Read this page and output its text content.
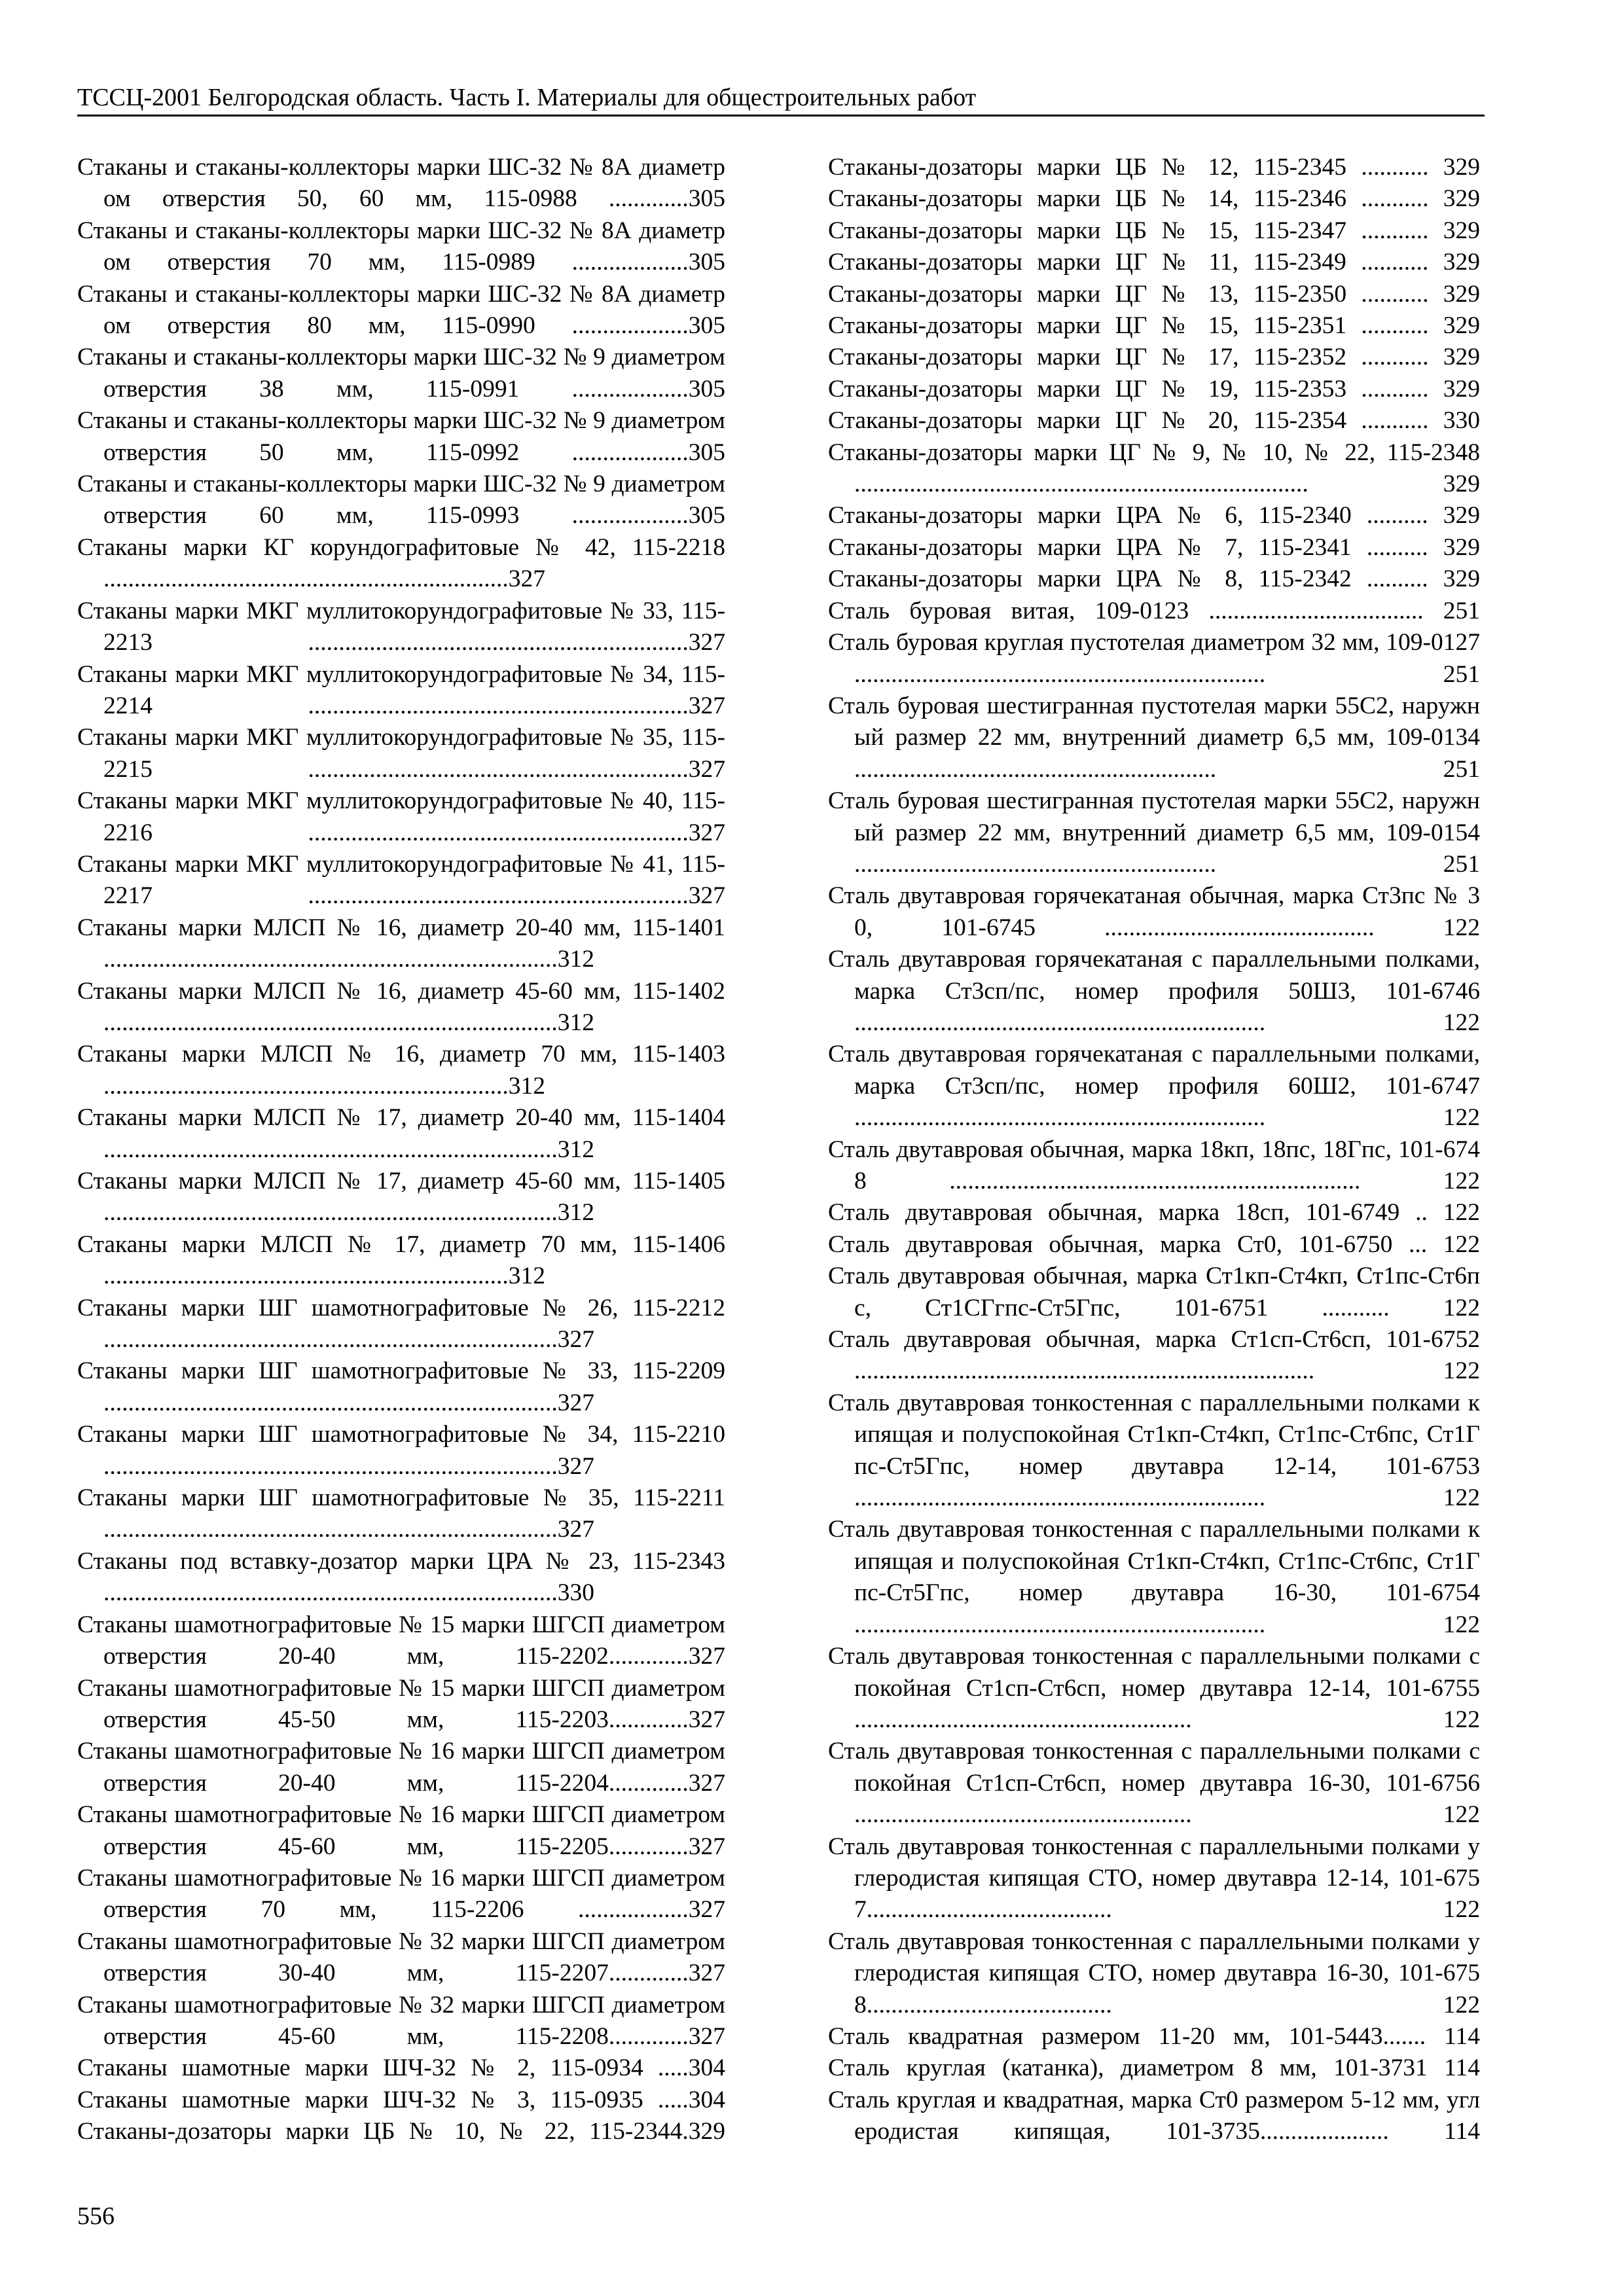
ТССЦ-2001 Белгородская область. Часть I. Материалы для общестроительных работ
Стаканы и стаканы-коллекторы марки ШС-32 № 8А диаметром отверстия 50, 60 мм, 115-0988 .............305
Стаканы и стаканы-коллекторы марки ШС-32 № 8А диаметром отверстия 70 мм, 115-0989 ...................305
Стаканы и стаканы-коллекторы марки ШС-32 № 8А диаметром отверстия 80 мм, 115-0990 ...................305
Стаканы и стаканы-коллекторы марки ШС-32 № 9 диаметром отверстия 38 мм, 115-0991 ...................305
Стаканы и стаканы-коллекторы марки ШС-32 № 9 диаметром отверстия 50 мм, 115-0992 ...................305
Стаканы и стаканы-коллекторы марки ШС-32 № 9 диаметром отверстия 60 мм, 115-0993 ...................305
Стаканы марки КГ корундографитовые № 42, 115-2218 ..................................................................327
Стаканы марки МКГ муллитокорундографитовые № 33, 115-2213 ..............................................................327
Стаканы марки МКГ муллитокорундографитовые № 34, 115-2214 ..............................................................327
Стаканы марки МКГ муллитокорундографитовые № 35, 115-2215 ..............................................................327
Стаканы марки МКГ муллитокорундографитовые № 40, 115-2216 ..............................................................327
Стаканы марки МКГ муллитокорундографитовые № 41, 115-2217 ..............................................................327
Стаканы марки МЛСП № 16, диаметр 20-40 мм, 115-1401 ..........................................................................312
Стаканы марки МЛСП № 16, диаметр 45-60 мм, 115-1402 ..........................................................................312
Стаканы марки МЛСП № 16, диаметр 70 мм, 115-1403 ..................................................................312
Стаканы марки МЛСП № 17, диаметр 20-40 мм, 115-1404 ..........................................................................312
Стаканы марки МЛСП № 17, диаметр 45-60 мм, 115-1405 ..........................................................................312
Стаканы марки МЛСП № 17, диаметр 70 мм, 115-1406 ..................................................................312
Стаканы марки ШГ шамотнографитовые № 26, 115-2212 ..........................................................................327
Стаканы марки ШГ шамотнографитовые № 33, 115-2209 ..........................................................................327
Стаканы марки ШГ шамотнографитовые № 34, 115-2210 ..........................................................................327
Стаканы марки ШГ шамотнографитовые № 35, 115-2211 ..........................................................................327
Стаканы под вставку-дозатор марки ЦРА № 23, 115-2343 ..........................................................................330
Стаканы шамотнографитовые № 15 марки ШГСП диаметром отверстия 20-40 мм, 115-2202.............327
Стаканы шамотнографитовые № 15 марки ШГСП диаметром отверстия 45-50 мм, 115-2203.............327
Стаканы шамотнографитовые № 16 марки ШГСП диаметром отверстия 20-40 мм, 115-2204.............327
Стаканы шамотнографитовые № 16 марки ШГСП диаметром отверстия 45-60 мм, 115-2205.............327
Стаканы шамотнографитовые № 16 марки ШГСП диаметром отверстия 70 мм, 115-2206 ..................327
Стаканы шамотнографитовые № 32 марки ШГСП диаметром отверстия 30-40 мм, 115-2207.............327
Стаканы шамотнографитовые № 32 марки ШГСП диаметром отверстия 45-60 мм, 115-2208.............327
Стаканы шамотные марки ШЧ-32 № 2, 115-0934 .....304
Стаканы шамотные марки ШЧ-32 № 3, 115-0935 .....304
Стаканы-дозаторы марки ЦБ № 10, № 22, 115-2344.329
Стаканы-дозаторы марки ЦБ № 12, 115-2345 ........... 329
Стаканы-дозаторы марки ЦБ № 14, 115-2346 ........... 329
Стаканы-дозаторы марки ЦБ № 15, 115-2347 ........... 329
Стаканы-дозаторы марки ЦГ № 11, 115-2349 ........... 329
Стаканы-дозаторы марки ЦГ № 13, 115-2350 ........... 329
Стаканы-дозаторы марки ЦГ № 15, 115-2351 ........... 329
Стаканы-дозаторы марки ЦГ № 17, 115-2352 ........... 329
Стаканы-дозаторы марки ЦГ № 19, 115-2353 ........... 329
Стаканы-дозаторы марки ЦГ № 20, 115-2354 ........... 330
Стаканы-дозаторы марки ЦГ № 9, № 10, № 22, 115-2348 .......................................................................... 329
Стаканы-дозаторы марки ЦРА № 6, 115-2340 .......... 329
Стаканы-дозаторы марки ЦРА № 7, 115-2341 .......... 329
Стаканы-дозаторы марки ЦРА № 8, 115-2342 .......... 329
Сталь буровая витая, 109-0123 ................................... 251
Сталь буровая круглая пустотелая диаметром 32 мм, 109-0127 ................................................................... 251
Сталь буровая шестигранная пустотелая марки 55С2, наружный размер 22 мм, внутренний диаметр 6,5 мм, 109-0134 ........................................................... 251
Сталь буровая шестигранная пустотелая марки 55С2, наружный размер 22 мм, внутренний диаметр 6,5 мм, 109-0154 ........................................................... 251
Сталь двутавровая горячекатаная обычная, марка Ст3пс № 30, 101-6745 ............................................ 122
Сталь двутавровая горячекатаная с параллельными полками, марка Ст3сп/пс, номер профиля 50Ш3, 101-6746 ................................................................... 122
Сталь двутавровая горячекатаная с параллельными полками, марка Ст3сп/пс, номер профиля 60Ш2, 101-6747 ................................................................... 122
Сталь двутавровая обычная, марка 18кп, 18пс, 18Гпс, 101-6748 ................................................................... 122
Сталь двутавровая обычная, марка 18сп, 101-6749 .. 122
Сталь двутавровая обычная, марка Ст0, 101-6750 ... 122
Сталь двутавровая обычная, марка Ст1кп-Ст4кп, Ст1пс-Ст6пс, Ст1СГгпс-Ст5Гпс, 101-6751 ........... 122
Сталь двутавровая обычная, марка Ст1сп-Ст6сп, 101-6752 ........................................................................... 122
Сталь двутавровая тонкостенная с параллельными полками кипящая и полуспокойная Ст1кп-Ст4кп, Ст1пс-Ст6пс, Ст1Гпс-Ст5Гпс, номер двутавра 12-14, 101-6753 ................................................................... 122
Сталь двутавровая тонкостенная с параллельными полками кипящая и полуспокойная Ст1кп-Ст4кп, Ст1пс-Ст6пс, Ст1Гпс-Ст5Гпс, номер двутавра 16-30, 101-6754 ................................................................... 122
Сталь двутавровая тонкостенная с параллельными полками спокойная Ст1сп-Ст6сп, номер двутавра 12-14, 101-6755 ....................................................... 122
Сталь двутавровая тонкостенная с параллельными полками спокойная Ст1сп-Ст6сп, номер двутавра 16-30, 101-6756 ....................................................... 122
Сталь двутавровая тонкостенная с параллельными полками углеродистая кипящая СТО, номер двутавра 12-14, 101-6757........................................ 122
Сталь двутавровая тонкостенная с параллельными полками углеродистая кипящая СТО, номер двутавра 16-30, 101-6758........................................ 122
Сталь квадратная размером 11-20 мм, 101-5443....... 114
Сталь круглая (катанка), диаметром 8 мм, 101-3731 114
Сталь круглая и квадратная, марка Ст0 размером 5-12 мм, углеродистая кипящая, 101-3735..................... 114
556
